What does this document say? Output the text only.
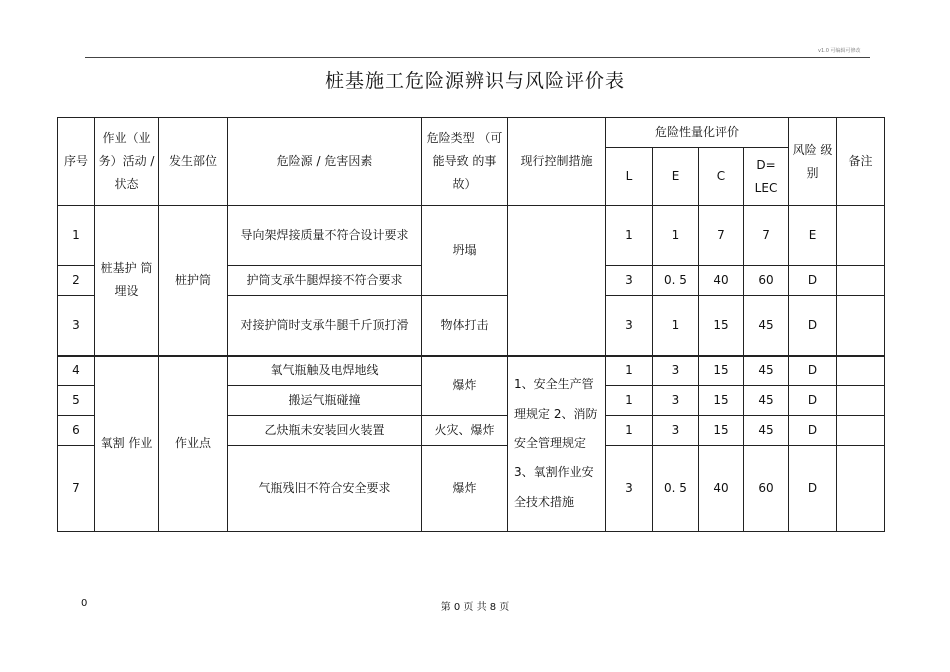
v1.0 可编辑可修改
桩基施工危险源辨识与风险评价表
序号	作业（业务）活动 / 状态	发生部位	危险源 / 危害因素	危险类型 （可能导致 的事故）	现行控制措施	危险性量化评价				风险 级别	备注
						L	E	C	D= LEC		
1	桩基护 筒埋设	桩护筒	导向架焊接质量不符合设计要求	坍塌		1	1	7	7	E	
2			护筒支承牛腿焊接不符合要求			3	0. 5	40	60	D	
3			对接护筒时支承牛腿千斤顶打滑	物体打击		3	1	15	45	D	
4	氧割 作业	作业点	氧气瓶触及电焊地线	爆炸	1、安全生产管理规定 2、消防安全管理规定 3、氧割作业安全技术措施	1	3	15	45	D	
5			搬运气瓶碰撞			1	3	15	45	D	
6			乙炔瓶未安装回火装置	火灾、爆炸		1	3	15	45	D	
7			气瓶残旧不符合安全要求	爆炸		3	0. 5	40	60	D	
0	第 0 页 共 8 页
